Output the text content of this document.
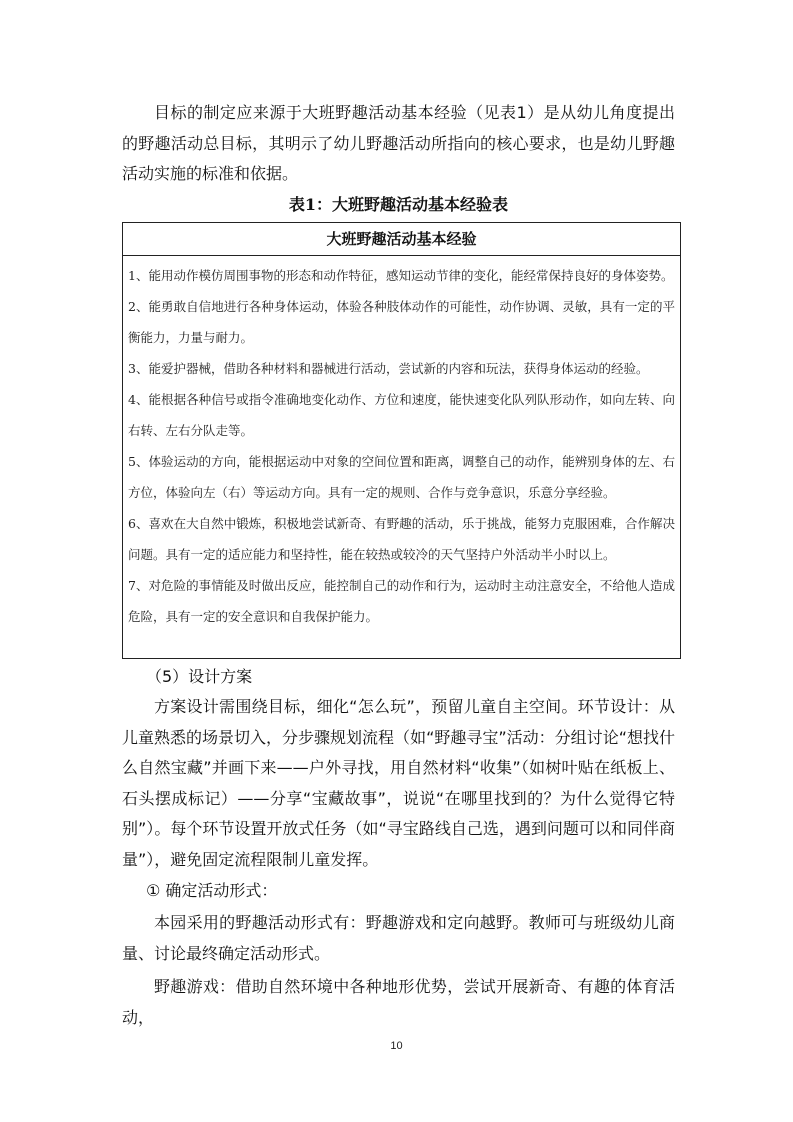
目标的制定应来源于大班野趣活动基本经验（见表1）是从幼儿角度提出的野趣活动总目标，其明示了幼儿野趣活动所指向的核心要求，也是幼儿野趣活动实施的标准和依据。

表1：大班野趣活动基本经验表
大班野趣活动基本经验

1、能用动作模仿周围事物的形态和动作特征，感知运动节律的变化，能经常保持良好的身体姿势。

2、能勇敢自信地进行各种身体运动，体验各种肢体动作的可能性，动作协调、灵敏，具有一定的平衡能力，力量与耐力。

3、能爱护器械，借助各种材料和器械进行活动，尝试新的内容和玩法，获得身体运动的经验。

4、能根据各种信号或指令准确地变化动作、方位和速度，能快速变化队列队形动作，如向左转、向右转、左右分队走等。

5、体验运动的方向，能根据运动中对象的空间位置和距离，调整自己的动作，能辨别身体的左、右方位，体验向左（右）等运动方向。具有一定的规则、合作与竞争意识，乐意分享经验。

6、喜欢在大自然中锻炼，积极地尝试新奇、有野趣的活动，乐于挑战，能努力克服困难，合作解决问题。具有一定的适应能力和坚持性，能在较热或较冷的天气坚持户外活动半小时以上。

7、对危险的事情能及时做出反应，能控制自己的动作和行为，运动时主动注意安全，不给他人造成危险，具有一定的安全意识和自我保护能力。

（5）设计方案

方案设计需围绕目标，细化“怎么玩”，预留儿童自主空间。环节设计：从儿童熟悉的场景切入，分步骤规划流程（如“野趣寻宝”活动：分组讨论“想找什么自然宝藏”并画下来——户外寻找，用自然材料“收集”（如树叶贴在纸板上、石头摆成标记）——分享“宝藏故事”，说说“在哪里找到的？为什么觉得它特别”）。每个环节设置开放式任务（如“寻宝路线自己选，遇到问题可以和同伴商量”），避免固定流程限制儿童发挥。

① 确定活动形式：

本园采用的野趣活动形式有：野趣游戏和定向越野。教师可与班级幼儿商量、讨论最终确定活动形式。

野趣游戏：借助自然环境中各种地形优势，尝试开展新奇、有趣的体育活动，

10
